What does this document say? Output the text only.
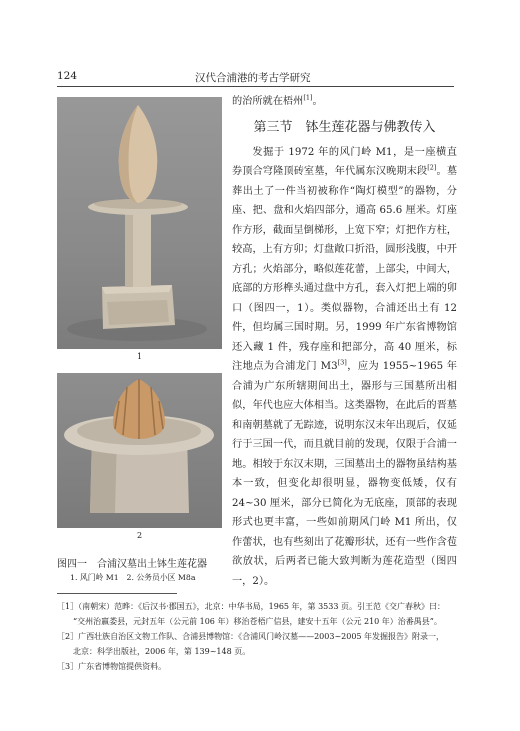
124	汉代合浦港的考古学研究
1
2
图四一　合浦汉墓出土钵生莲花器
1. 风门岭 M1　2. 公务员小区 M8a

的治所就在梧州[1]。

第三节　钵生莲花器与佛教传入

发掘于 1972 年的风门岭 M1，是一座横直券顶合穹隆顶砖室墓，年代属东汉晚期末段[2]。墓葬出土了一件当初被称作“陶灯模型”的器物，分座、把、盘和火焰四部分，通高 65.6 厘米。灯座作方形，截面呈倒梯形，上宽下窄；灯把作方柱，较高，上有方卯；灯盘敞口折沿，圆形浅腹，中开方孔；火焰部分，略似莲花蕾，上部尖，中间大，底部的方形榫头通过盘中方孔，套入灯把上端的卯口（图四一，1）。类似器物，合浦还出土有 12 件，但均属三国时期。另，1999 年广东省博物馆还入藏 1 件，残存座和把部分，高 40 厘米，标注地点为合浦龙门 M3[3]，应为 1955~1965 年合浦为广东所辖期间出土，器形与三国墓所出相似，年代也应大体相当。这类器物，在此后的晋墓和南朝墓就了无踪迹，说明东汉末年出现后，仅延行于三国一代，而且就目前的发现，仅限于合浦一地。相较于东汉末期，三国墓出土的器物虽结构基本一致，但变化却很明显，器物变低矮，仅有 24~30 厘米，部分已简化为无底座，顶部的表现形式也更丰富，一些如前期风门岭 M1 所出，仅作蕾状，也有些刻出了花瓣形状，还有一些作含苞欲放状，后两者已能大致判断为莲花造型（图四一，2）。

［1］（南朝宋）范晔：《后汉书·郡国五》，北京：中华书局，1965 年，第 3533 页。引王范《交广春秋》曰：
“交州治嬴娄县，元封五年（公元前 106 年）移治苍梧广信县，建安十五年（公元 210 年）治番禺县”。
［2］广西壮族自治区文物工作队、合浦县博物馆：《合浦风门岭汉墓——2003~2005 年发掘报告》附录一，
北京：科学出版社，2006 年，第 139~148 页。
［3］广东省博物馆提供资料。
